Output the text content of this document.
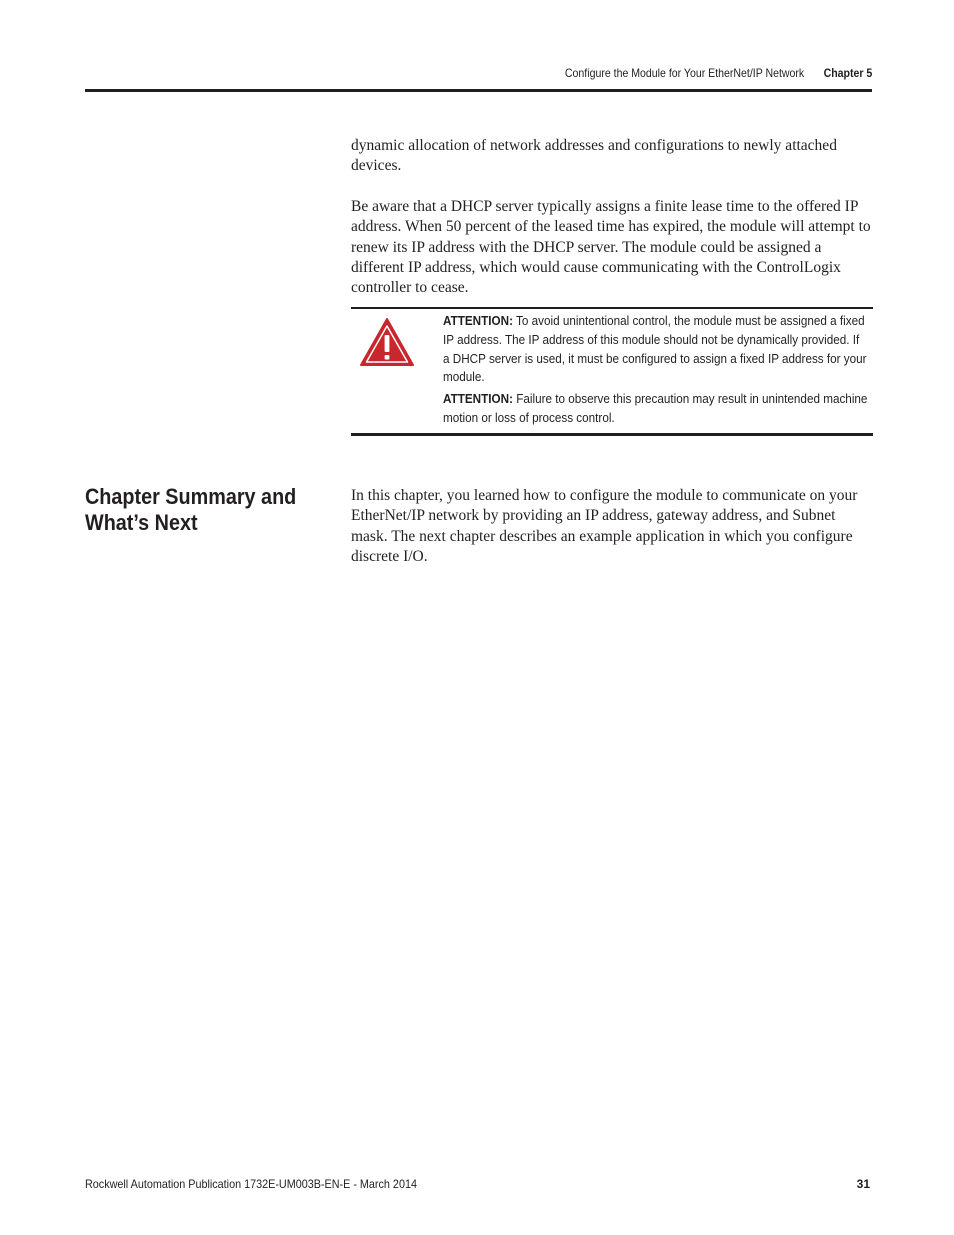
Configure the Module for Your EtherNet/IP Network Chapter 5

dynamic allocation of network addresses and configurations to newly attached devices.

Be aware that a DHCP server typically assigns a finite lease time to the offered IP address. When 50 percent of the leased time has expired, the module will attempt to renew its IP address with the DHCP server. The module could be assigned a different IP address, which would cause communicating with the ControlLogix controller to cease.

ATTENTION: To avoid unintentional control, the module must be assigned a fixed IP address. The IP address of this module should not be dynamically provided. If a DHCP server is used, it must be configured to assign a fixed IP address for your module.

ATTENTION: Failure to observe this precaution may result in unintended machine motion or loss of process control.

Chapter Summary and What’s Next

In this chapter, you learned how to configure the module to communicate on your EtherNet/IP network by providing an IP address, gateway address, and Subnet mask. The next chapter describes an example application in which you configure discrete I/O.

Rockwell Automation Publication 1732E-UM003B-EN-E - March 2014	31
